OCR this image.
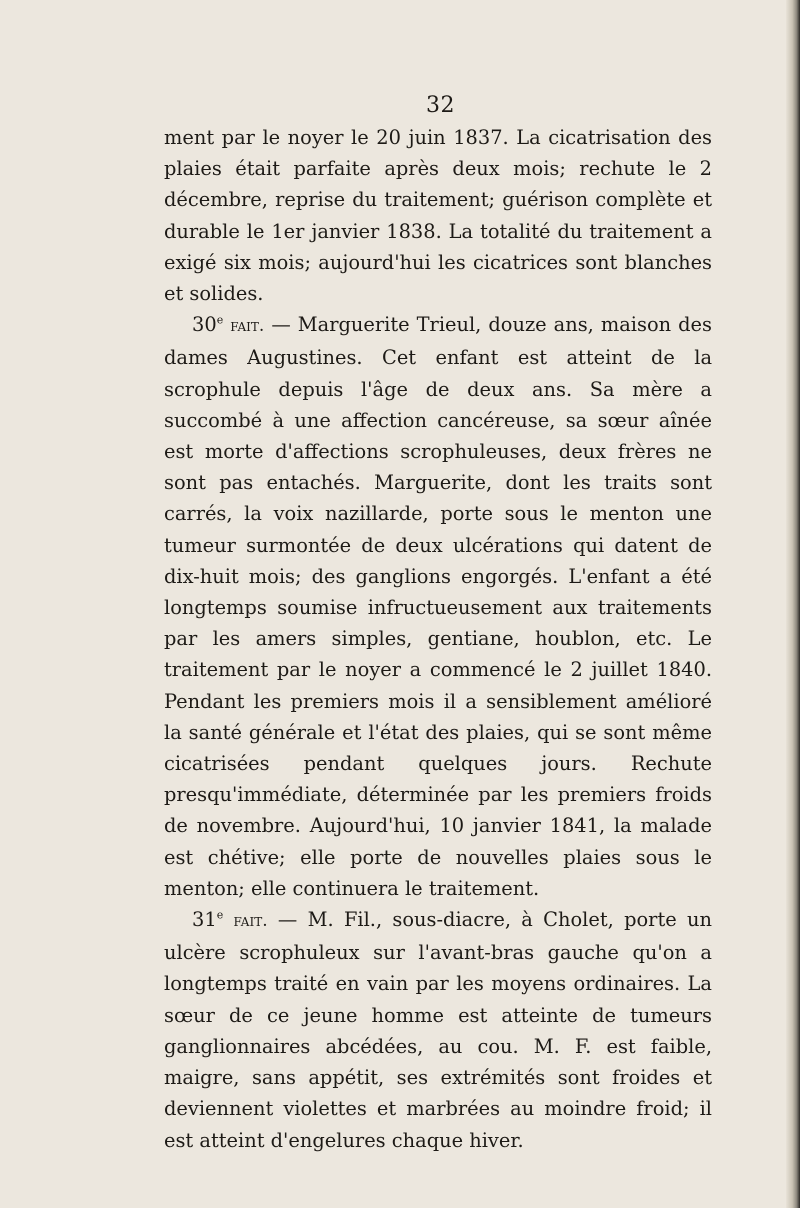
32

ment par le noyer le 20 juin 1837. La cicatrisation des plaies était parfaite après deux mois; rechute le 2 décembre, reprise du traitement; guérison complète et durable le 1er janvier 1838. La totalité du traitement a exigé six mois; aujourd'hui les cicatrices sont blanches et solides.

30e fait. — Marguerite Trieul, douze ans, maison des dames Augustines. Cet enfant est atteint de la scrophule depuis l'âge de deux ans. Sa mère a succombé à une affection cancéreuse, sa sœur aînée est morte d'affections scrophuleuses, deux frères ne sont pas entachés. Marguerite, dont les traits sont carrés, la voix nazillarde, porte sous le menton une tumeur surmontée de deux ulcérations qui datent de dix-huit mois; des ganglions engorgés. L'enfant a été longtemps soumise infructueusement aux traitements par les amers simples, gentiane, houblon, etc. Le traitement par le noyer a commencé le 2 juillet 1840. Pendant les premiers mois il a sensiblement amélioré la santé générale et l'état des plaies, qui se sont même cicatrisées pendant quelques jours. Rechute presqu'immédiate, déterminée par les premiers froids de novembre. Aujourd'hui, 10 janvier 1841, la malade est chétive; elle porte de nouvelles plaies sous le menton; elle continuera le traitement.

31e fait. — M. Fil., sous-diacre, à Cholet, porte un ulcère scrophuleux sur l'avant-bras gauche qu'on a longtemps traité en vain par les moyens ordinaires. La sœur de ce jeune homme est atteinte de tumeurs ganglionnaires abcédées, au cou. M. F. est faible, maigre, sans appétit, ses extrémités sont froides et deviennent violettes et marbrées au moindre froid; il est atteint d'engelures chaque hiver.
